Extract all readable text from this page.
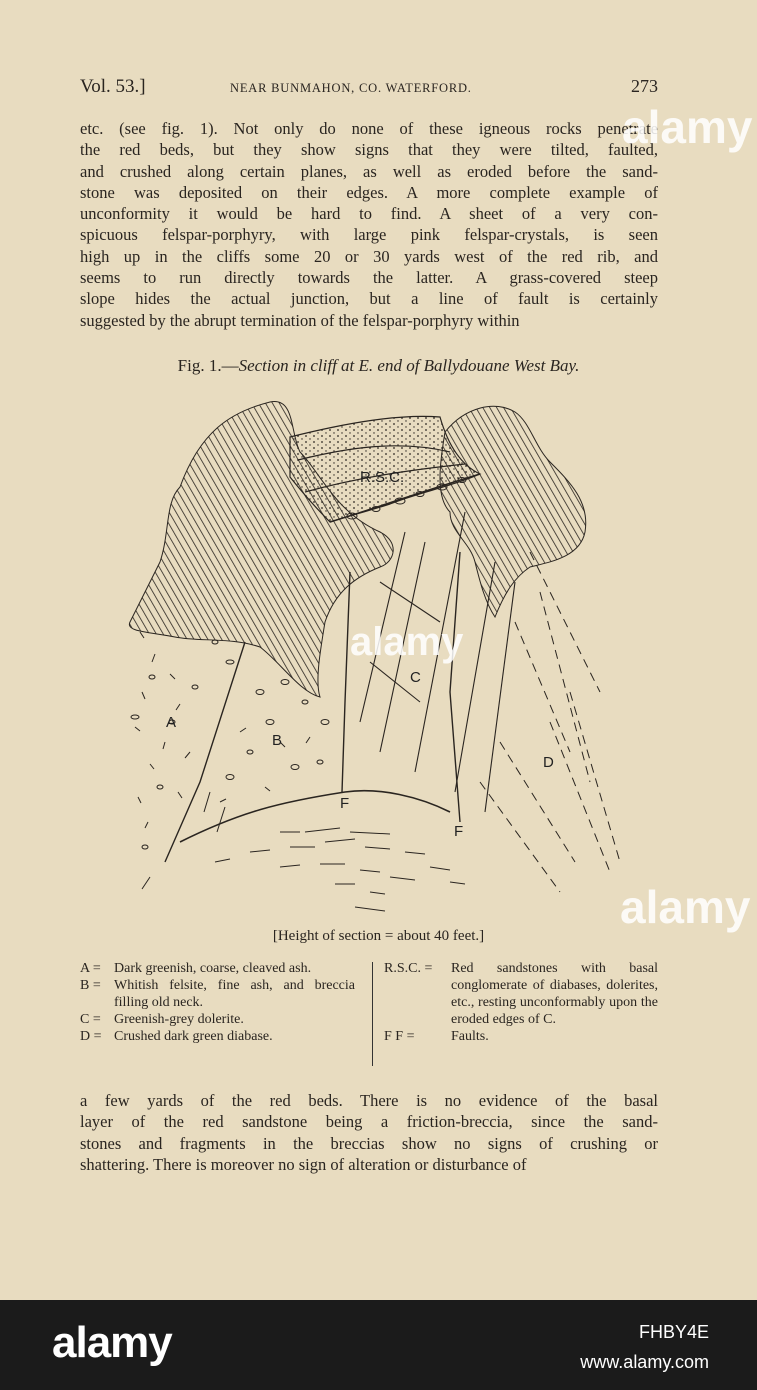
Vol. 53.]	NEAR BUNMAHON, CO. WATERFORD.	273
etc. (see fig. 1). Not only do none of these igneous rocks penetrate
the red beds, but they show signs that they were tilted, faulted,
and crushed along certain planes, as well as eroded before the sand-
stone was deposited on their edges. A more complete example of
unconformity it would be hard to find. A sheet of a very con-
spicuous felspar-porphyry, with large pink felspar-crystals, is seen
high up in the cliffs some 20 or 30 yards west of the red rib, and
seems to run directly towards the latter. A grass-covered steep
slope hides the actual junction, but a line of fault is certainly
suggested by the abrupt termination of the felspar-porphyry within
Fig. 1.—Section in cliff at E. end of Ballydouane West Bay.
R.S.C.
A
B
C
D
F
F
[Height of section = about 40 feet.]
A = Dark greenish, coarse, cleaved ash.
B = Whitish felsite, fine ash, and breccia filling old neck.
C = Greenish-grey dolerite.
D = Crushed dark green diabase.
R.S.C. =	Red sandstones with basal conglomerate of diabases, dolerites, etc., resting unconformably upon the eroded edges of C.
F F =	Faults.
a few yards of the red beds. There is no evidence of the basal
layer of the red sandstone being a friction-breccia, since the sand-
stones and fragments in the breccias show no signs of crushing or
shattering. There is moreover no sign of alteration or disturbance of
alamy
alamy
alamy
alamy	FHBY4E
www.alamy.com
